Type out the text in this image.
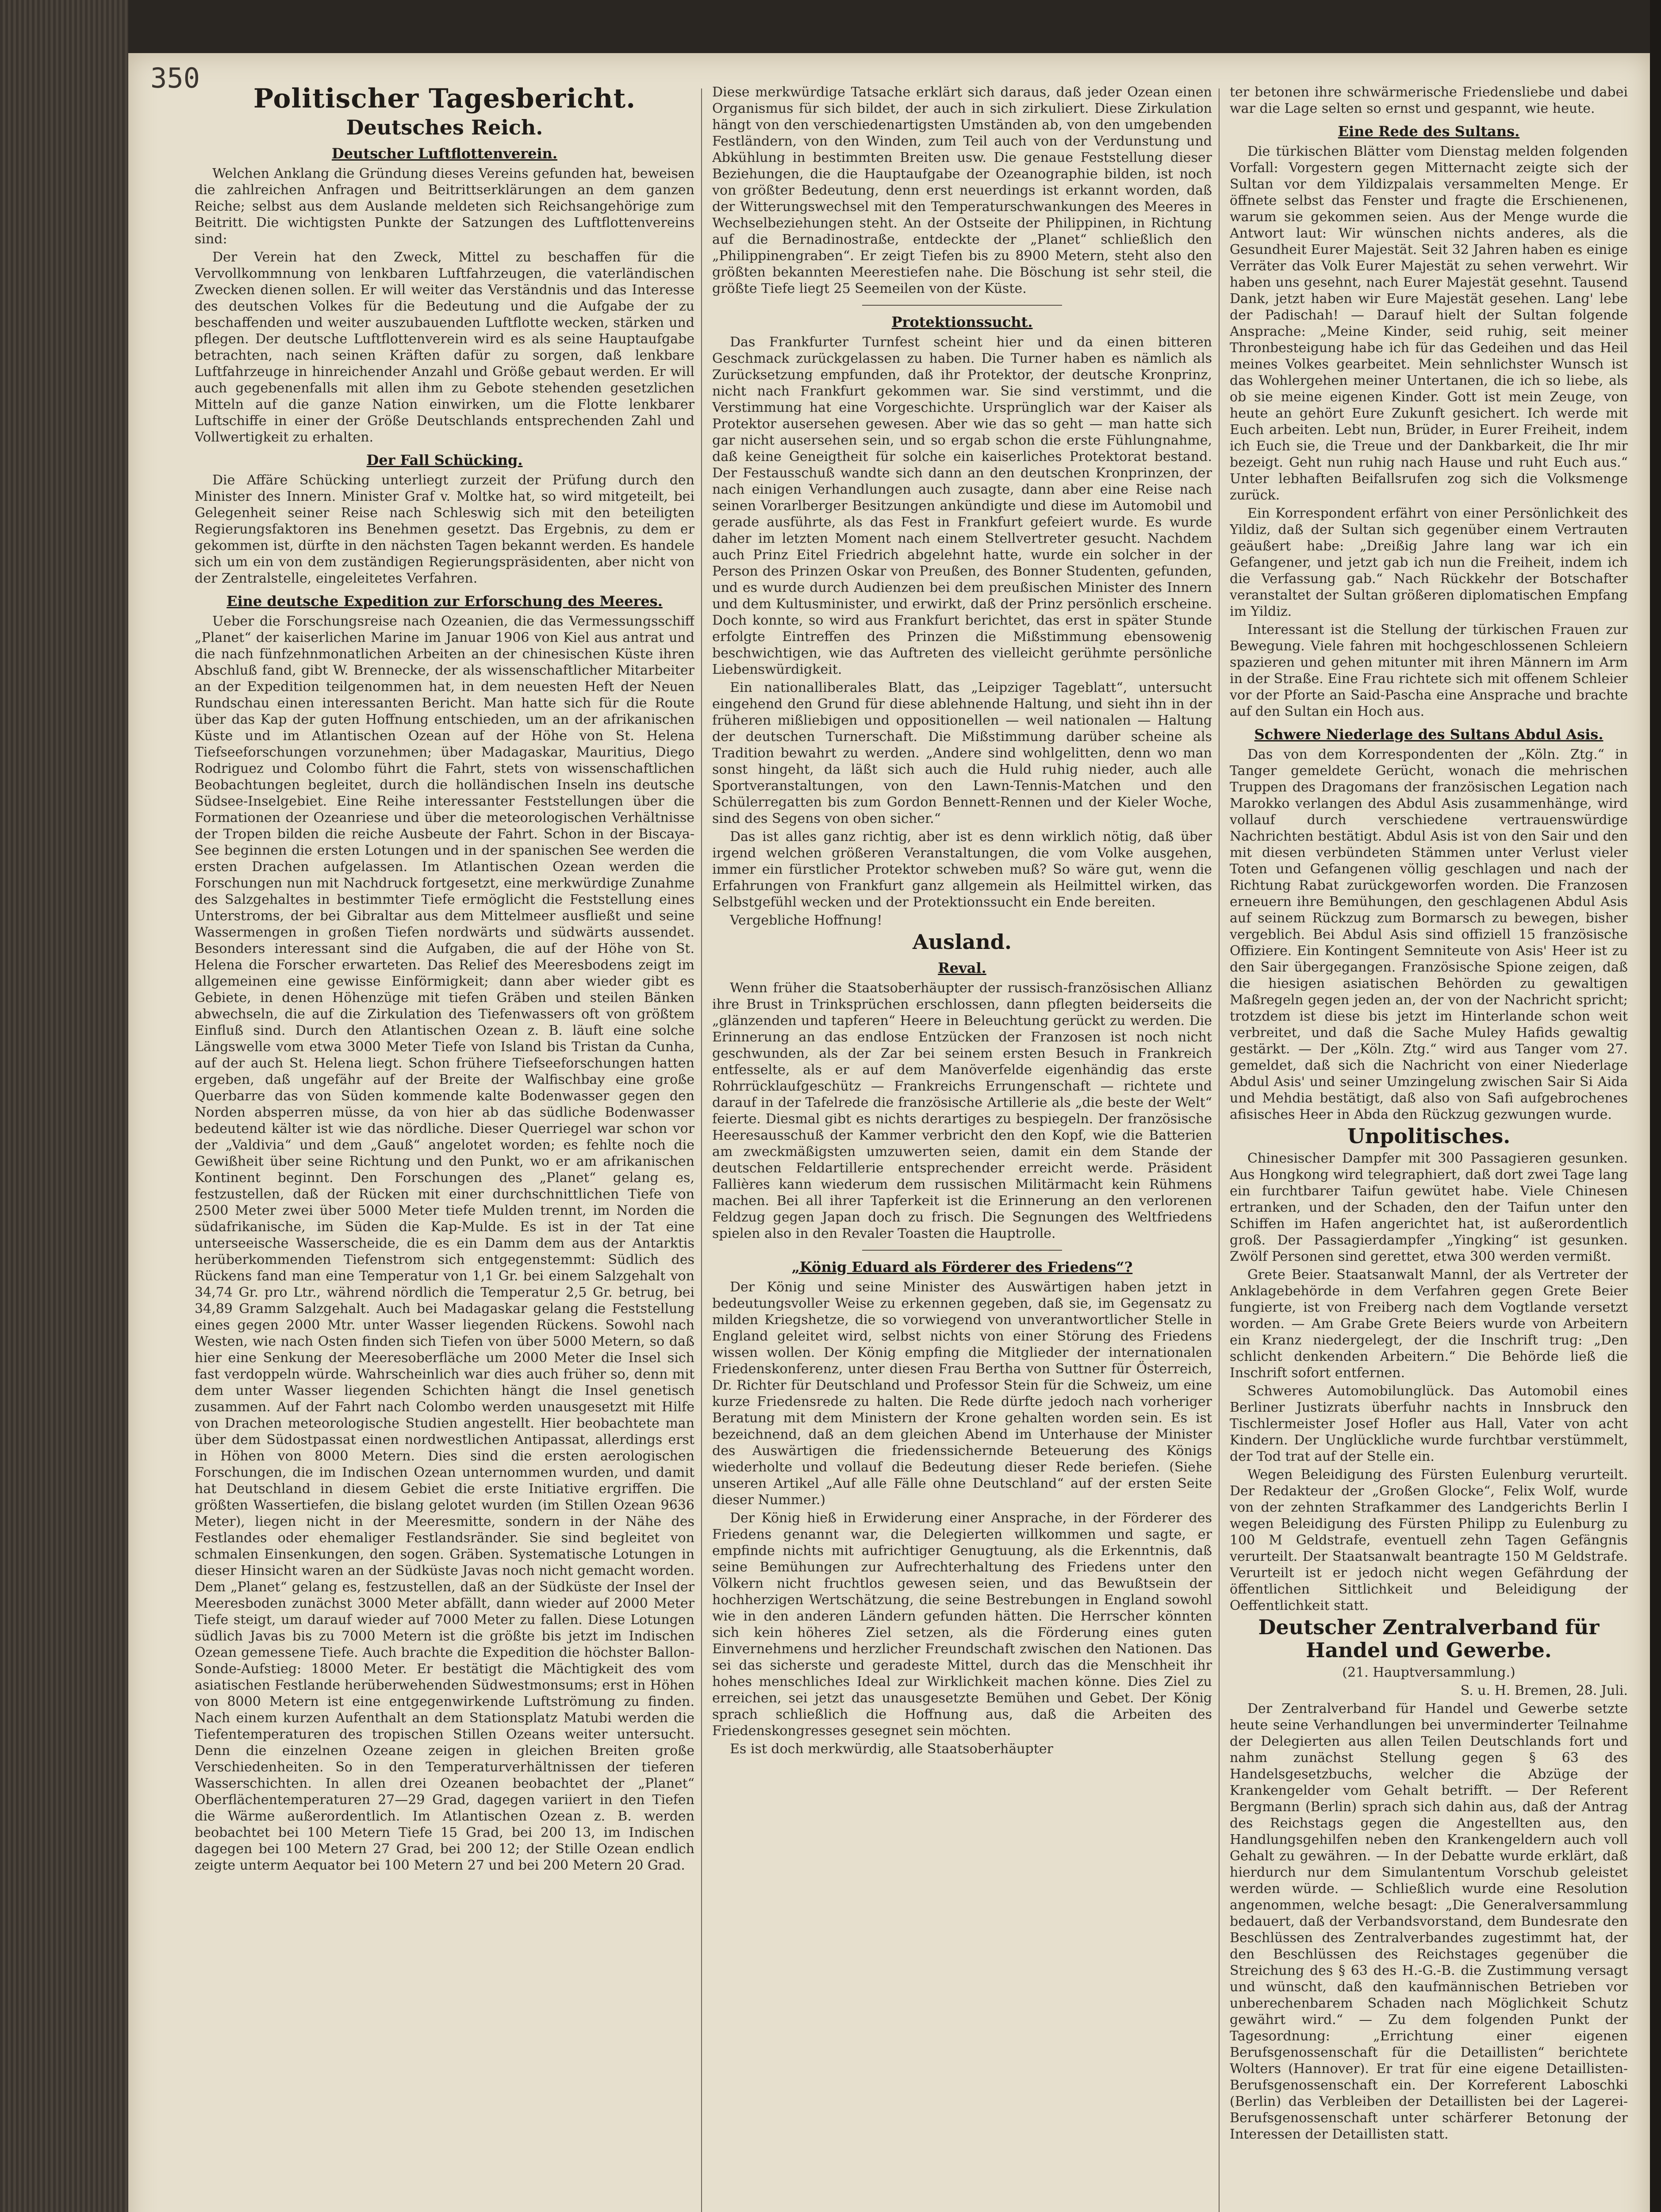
350
Politischer Tagesbericht.
Deutsches Reich.
Deutscher Luftflottenverein.

Welchen Anklang die Gründung dieses Vereins gefunden hat, beweisen die zahlreichen Anfragen und Beitrittserklärungen an dem ganzen Reiche; selbst aus dem Auslande meldeten sich Reichsangehörige zum Beitritt. Die wichtigsten Punkte der Satzungen des Luftflottenvereins sind:

Der Verein hat den Zweck, Mittel zu beschaffen für die Vervollkommnung von lenkbaren Luftfahrzeugen, die vaterländischen Zwecken dienen sollen. Er will weiter das Verständnis und das Interesse des deutschen Volkes für die Bedeutung und die Aufgabe der zu beschaffenden und weiter auszubauenden Luftflotte wecken, stärken und pflegen. Der deutsche Luftflottenverein wird es als seine Hauptaufgabe betrachten, nach seinen Kräften dafür zu sorgen, daß lenkbare Luftfahrzeuge in hinreichender Anzahl und Größe gebaut werden. Er will auch gegebenenfalls mit allen ihm zu Gebote stehenden gesetzlichen Mitteln auf die ganze Nation einwirken, um die Flotte lenkbarer Luftschiffe in einer der Größe Deutschlands entsprechenden Zahl und Vollwertigkeit zu erhalten.

Der Fall Schücking.

Die Affäre Schücking unterliegt zurzeit der Prüfung durch den Minister des Innern. Minister Graf v. Moltke hat, so wird mitgeteilt, bei Gelegenheit seiner Reise nach Schleswig sich mit den beteiligten Regierungsfaktoren ins Benehmen gesetzt. Das Ergebnis, zu dem er gekommen ist, dürfte in den nächsten Tagen bekannt werden. Es handele sich um ein von dem zuständigen Regierungspräsidenten, aber nicht von der Zentralstelle, eingeleitetes Verfahren.

Eine deutsche Expedition zur Erforschung des Meeres.

Ueber die Forschungsreise nach Ozeanien, die das Vermessungsschiff „Planet“ der kaiserlichen Marine im Januar 1906 von Kiel aus antrat und die nach fünfzehnmonatlichen Arbeiten an der chinesischen Küste ihren Abschluß fand, gibt W. Brennecke, der als wissenschaftlicher Mitarbeiter an der Expedition teilgenommen hat, in dem neuesten Heft der Neuen Rundschau einen interessanten Bericht. Man hatte sich für die Route über das Kap der guten Hoffnung entschieden, um an der afrikanischen Küste und im Atlantischen Ozean auf der Höhe von St. Helena Tiefseeforschungen vorzunehmen; über Madagaskar, Mauritius, Diego Rodriguez und Colombo führt die Fahrt, stets von wissenschaftlichen Beobachtungen begleitet, durch die holländischen Inseln ins deutsche Südsee-Inselgebiet. Eine Reihe interessanter Feststellungen über die Formationen der Ozeanriese und über die meteorologischen Verhältnisse der Tropen bilden die reiche Ausbeute der Fahrt. Schon in der Biscaya-See beginnen die ersten Lotungen und in der spanischen See werden die ersten Drachen aufgelassen. Im Atlantischen Ozean werden die Forschungen nun mit Nachdruck fortgesetzt, eine merkwürdige Zunahme des Salzgehaltes in bestimmter Tiefe ermöglicht die Feststellung eines Unterstroms, der bei Gibraltar aus dem Mittelmeer ausfließt und seine Wassermengen in großen Tiefen nordwärts und südwärts aussendet. Besonders interessant sind die Aufgaben, die auf der Höhe von St. Helena die Forscher erwarteten. Das Relief des Meeresbodens zeigt im allgemeinen eine gewisse Einförmigkeit; dann aber wieder gibt es Gebiete, in denen Höhenzüge mit tiefen Gräben und steilen Bänken abwechseln, die auf die Zirkulation des Tiefenwassers oft von größtem Einfluß sind. Durch den Atlantischen Ozean z. B. läuft eine solche Längswelle vom etwa 3000 Meter Tiefe von Island bis Tristan da Cunha, auf der auch St. Helena liegt. Schon frühere Tiefseeforschungen hatten ergeben, daß ungefähr auf der Breite der Walfischbay eine große Querbarre das von Süden kommende kalte Bodenwasser gegen den Norden absperren müsse, da von hier ab das südliche Bodenwasser bedeutend kälter ist wie das nördliche. Dieser Querriegel war schon vor der „Valdivia“ und dem „Gauß“ angelotet worden; es fehlte noch die Gewißheit über seine Richtung und den Punkt, wo er am afrikanischen Kontinent beginnt. Den Forschungen des „Planet“ gelang es, festzustellen, daß der Rücken mit einer durchschnittlichen Tiefe von 2500 Meter zwei über 5000 Meter tiefe Mulden trennt, im Norden die südafrikanische, im Süden die Kap-Mulde. Es ist in der Tat eine unterseeische Wasserscheide, die es ein Damm dem aus der Antarktis herüberkommenden Tiefenstrom sich entgegenstemmt: Südlich des Rückens fand man eine Temperatur von 1,1 Gr. bei einem Salzgehalt von 34,74 Gr. pro Ltr., während nördlich die Temperatur 2,5 Gr. betrug, bei 34,89 Gramm Salzgehalt. Auch bei Madagaskar gelang die Feststellung eines gegen 2000 Mtr. unter Wasser liegenden Rückens. Sowohl nach Westen, wie nach Osten finden sich Tiefen von über 5000 Metern, so daß hier eine Senkung der Meeresoberfläche um 2000 Meter die Insel sich fast verdoppeln würde. Wahrscheinlich war dies auch früher so, denn mit dem unter Wasser liegenden Schichten hängt die Insel genetisch zusammen. Auf der Fahrt nach Colombo werden unausgesetzt mit Hilfe von Drachen meteorologische Studien angestellt. Hier beobachtete man über dem Südostpassat einen nordwestlichen Antipassat, allerdings erst in Höhen von 8000 Metern. Dies sind die ersten aerologischen Forschungen, die im Indischen Ozean unternommen wurden, und damit hat Deutschland in diesem Gebiet die erste Initiative ergriffen. Die größten Wassertiefen, die bislang gelotet wurden (im Stillen Ozean 9636 Meter), liegen nicht in der Meeresmitte, sondern in der Nähe des Festlandes oder ehemaliger Festlandsränder. Sie sind begleitet von schmalen Einsenkungen, den sogen. Gräben. Systematische Lotungen in dieser Hinsicht waren an der Südküste Javas noch nicht gemacht worden. Dem „Planet“ gelang es, festzustellen, daß an der Südküste der Insel der Meeresboden zunächst 3000 Meter abfällt, dann wieder auf 2000 Meter Tiefe steigt, um darauf wieder auf 7000 Meter zu fallen. Diese Lotungen südlich Javas bis zu 7000 Metern ist die größte bis jetzt im Indischen Ozean gemessene Tiefe. Auch brachte die Expedition die höchster Ballon-Sonde-Aufstieg: 18000 Meter. Er bestätigt die Mächtigkeit des vom asiatischen Festlande herüberwehenden Südwestmonsums; erst in Höhen von 8000 Metern ist eine entgegenwirkende Luftströmung zu finden. Nach einem kurzen Aufenthalt an dem Stationsplatz Matubi werden die Tiefentemperaturen des tropischen Stillen Ozeans weiter untersucht. Denn die einzelnen Ozeane zeigen in gleichen Breiten große Verschiedenheiten. So in den Temperaturverhältnissen der tieferen Wasserschichten. In allen drei Ozeanen beobachtet der „Planet“ Oberflächentemperaturen 27—29 Grad, dagegen variiert in den Tiefen die Wärme außerordentlich. Im Atlantischen Ozean z. B. werden beobachtet bei 100 Metern Tiefe 15 Grad, bei 200 13, im Indischen dagegen bei 100 Metern 27 Grad, bei 200 12; der Stille Ozean endlich zeigte unterm Aequator bei 100 Metern 27 und bei 200 Metern 20 Grad.

Diese merkwürdige Tatsache erklärt sich daraus, daß jeder Ozean einen Organismus für sich bildet, der auch in sich zirkuliert. Diese Zirkulation hängt von den verschiedenartigsten Umständen ab, von den umgebenden Festländern, von den Winden, zum Teil auch von der Verdunstung und Abkühlung in bestimmten Breiten usw. Die genaue Feststellung dieser Beziehungen, die die Hauptaufgabe der Ozeanographie bilden, ist noch von größter Bedeutung, denn erst neuerdings ist erkannt worden, daß der Witterungswechsel mit den Temperaturschwankungen des Meeres in Wechselbeziehungen steht. An der Ostseite der Philippinen, in Richtung auf die Bernadinostraße, entdeckte der „Planet“ schließlich den „Philippinengraben“. Er zeigt Tiefen bis zu 8900 Metern, steht also den größten bekannten Meerestiefen nahe. Die Böschung ist sehr steil, die größte Tiefe liegt 25 Seemeilen von der Küste.

Protektionssucht.

Das Frankfurter Turnfest scheint hier und da einen bitteren Geschmack zurückgelassen zu haben. Die Turner haben es nämlich als Zurücksetzung empfunden, daß ihr Protektor, der deutsche Kronprinz, nicht nach Frankfurt gekommen war. Sie sind verstimmt, und die Verstimmung hat eine Vorgeschichte. Ursprünglich war der Kaiser als Protektor ausersehen gewesen. Aber wie das so geht — man hatte sich gar nicht ausersehen sein, und so ergab schon die erste Fühlungnahme, daß keine Geneigtheit für solche ein kaiserliches Protektorat bestand. Der Festausschuß wandte sich dann an den deutschen Kronprinzen, der nach einigen Verhandlungen auch zusagte, dann aber eine Reise nach seinen Vorarlberger Besitzungen ankündigte und diese im Automobil und gerade ausführte, als das Fest in Frankfurt gefeiert wurde. Es wurde daher im letzten Moment nach einem Stellvertreter gesucht. Nachdem auch Prinz Eitel Friedrich abgelehnt hatte, wurde ein solcher in der Person des Prinzen Oskar von Preußen, des Bonner Studenten, gefunden, und es wurde durch Audienzen bei dem preußischen Minister des Innern und dem Kultusminister, und erwirkt, daß der Prinz persönlich erscheine. Doch konnte, so wird aus Frankfurt berichtet, das erst in später Stunde erfolgte Eintreffen des Prinzen die Mißstimmung ebensowenig beschwichtigen, wie das Auftreten des vielleicht gerühmte persönliche Liebenswürdigkeit.

Ein nationalliberales Blatt, das „Leipziger Tageblatt“, untersucht eingehend den Grund für diese ablehnende Haltung, und sieht ihn in der früheren mißliebigen und oppositionellen — weil nationalen — Haltung der deutschen Turnerschaft. Die Mißstimmung darüber scheine als Tradition bewahrt zu werden. „Andere sind wohlgelitten, denn wo man sonst hingeht, da läßt sich auch die Huld ruhig nieder, auch alle Sportveranstaltungen, von den Lawn-Tennis-Matchen und den Schülerregatten bis zum Gordon Bennett-Rennen und der Kieler Woche, sind des Segens von oben sicher.“

Das ist alles ganz richtig, aber ist es denn wirklich nötig, daß über irgend welchen größeren Veranstaltungen, die vom Volke ausgehen, immer ein fürstlicher Protektor schweben muß? So wäre gut, wenn die Erfahrungen von Frankfurt ganz allgemein als Heilmittel wirken, das Selbstgefühl wecken und der Protektionssucht ein Ende bereiten.

Vergebliche Hoffnung!

Ausland.
Reval.

Wenn früher die Staatsoberhäupter der russisch-französischen Allianz ihre Brust in Trinksprüchen erschlossen, dann pflegten beiderseits die „glänzenden und tapferen“ Heere in Beleuchtung gerückt zu werden. Die Erinnerung an das endlose Entzücken der Franzosen ist noch nicht geschwunden, als der Zar bei seinem ersten Besuch in Frankreich entfesselte, als er auf dem Manöverfelde eigenhändig das erste Rohrrücklaufgeschütz — Frankreichs Errungenschaft — richtete und darauf in der Tafelrede die französische Artillerie als „die beste der Welt“ feierte. Diesmal gibt es nichts derartiges zu bespiegeln. Der französische Heeresausschuß der Kammer verbricht den den Kopf, wie die Batterien am zweckmäßigsten umzuwerten seien, damit ein dem Stande der deutschen Feldartillerie entsprechender erreicht werde. Präsident Fallières kann wiederum dem russischen Militärmacht kein Rühmens machen. Bei all ihrer Tapferkeit ist die Erinnerung an den verlorenen Feldzug gegen Japan doch zu frisch. Die Segnungen des Weltfriedens spielen also in den Revaler Toasten die Hauptrolle.

„König Eduard als Förderer des Friedens“?

Der König und seine Minister des Auswärtigen haben jetzt in bedeutungsvoller Weise zu erkennen gegeben, daß sie, im Gegensatz zu milden Kriegshetze, die so vorwiegend von unverantwortlicher Stelle in England geleitet wird, selbst nichts von einer Störung des Friedens wissen wollen. Der König empfing die Mitglieder der internationalen Friedenskonferenz, unter diesen Frau Bertha von Suttner für Österreich, Dr. Richter für Deutschland und Professor Stein für die Schweiz, um eine kurze Friedensrede zu halten. Die Rede dürfte jedoch nach vorheriger Beratung mit dem Ministern der Krone gehalten worden sein. Es ist bezeichnend, daß an dem gleichen Abend im Unterhause der Minister des Auswärtigen die friedenssichernde Beteuerung des Königs wiederholte und vollauf die Bedeutung dieser Rede beriefen. (Siehe unseren Artikel „Auf alle Fälle ohne Deutschland“ auf der ersten Seite dieser Nummer.)

Der König hieß in Erwiderung einer Ansprache, in der Förderer des Friedens genannt war, die Delegierten willkommen und sagte, er empfinde nichts mit aufrichtiger Genugtuung, als die Erkenntnis, daß seine Bemühungen zur Aufrechterhaltung des Friedens unter den Völkern nicht fruchtlos gewesen seien, und das Bewußtsein der hochherzigen Wertschätzung, die seine Bestrebungen in England sowohl wie in den anderen Ländern gefunden hätten. Die Herrscher könnten sich kein höheres Ziel setzen, als die Förderung eines guten Einvernehmens und herzlicher Freundschaft zwischen den Nationen. Das sei das sicherste und geradeste Mittel, durch das die Menschheit ihr hohes menschliches Ideal zur Wirklichkeit machen könne. Dies Ziel zu erreichen, sei jetzt das unausgesetzte Bemühen und Gebet. Der König sprach schließlich die Hoffnung aus, daß die Arbeiten des Friedenskongresses gesegnet sein möchten.

Es ist doch merkwürdig, alle Staatsoberhäupter

ter betonen ihre schwärmerische Friedensliebe und dabei war die Lage selten so ernst und gespannt, wie heute.

Eine Rede des Sultans.

Die türkischen Blätter vom Dienstag melden folgenden Vorfall: Vorgestern gegen Mitternacht zeigte sich der Sultan vor dem Yildizpalais versammelten Menge. Er öffnete selbst das Fenster und fragte die Erschienenen, warum sie gekommen seien. Aus der Menge wurde die Antwort laut: Wir wünschen nichts anderes, als die Gesundheit Eurer Majestät. Seit 32 Jahren haben es einige Verräter das Volk Eurer Majestät zu sehen verwehrt. Wir haben uns gesehnt, nach Eurer Majestät gesehnt. Tausend Dank, jetzt haben wir Eure Majestät gesehen. Lang' lebe der Padischah! — Darauf hielt der Sultan folgende Ansprache: „Meine Kinder, seid ruhig, seit meiner Thronbesteigung habe ich für das Gedeihen und das Heil meines Volkes gearbeitet. Mein sehnlichster Wunsch ist das Wohlergehen meiner Untertanen, die ich so liebe, als ob sie meine eigenen Kinder. Gott ist mein Zeuge, von heute an gehört Eure Zukunft gesichert. Ich werde mit Euch arbeiten. Lebt nun, Brüder, in Eurer Freiheit, indem ich Euch sie, die Treue und der Dankbarkeit, die Ihr mir bezeigt. Geht nun ruhig nach Hause und ruht Euch aus.“ Unter lebhaften Beifallsrufen zog sich die Volksmenge zurück.

Ein Korrespondent erfährt von einer Persönlichkeit des Yildiz, daß der Sultan sich gegenüber einem Vertrauten geäußert habe: „Dreißig Jahre lang war ich ein Gefangener, und jetzt gab ich nun die Freiheit, indem ich die Verfassung gab.“ Nach Rückkehr der Botschafter veranstaltet der Sultan größeren diplomatischen Empfang im Yildiz.

Interessant ist die Stellung der türkischen Frauen zur Bewegung. Viele fahren mit hochgeschlossenen Schleiern spazieren und gehen mitunter mit ihren Männern im Arm in der Straße. Eine Frau richtete sich mit offenem Schleier vor der Pforte an Said-Pascha eine Ansprache und brachte auf den Sultan ein Hoch aus.

Schwere Niederlage des Sultans Abdul Asis.

Das von dem Korrespondenten der „Köln. Ztg.“ in Tanger gemeldete Gerücht, wonach die mehrischen Truppen des Dragomans der französischen Legation nach Marokko verlangen des Abdul Asis zusammenhänge, wird vollauf durch verschiedene vertrauenswürdige Nachrichten bestätigt. Abdul Asis ist von den Sair und den mit diesen verbündeten Stämmen unter Verlust vieler Toten und Gefangenen völlig geschlagen und nach der Richtung Rabat zurückgeworfen worden. Die Franzosen erneuern ihre Bemühungen, den geschlagenen Abdul Asis auf seinem Rückzug zum Bormarsch zu bewegen, bisher vergeblich. Bei Abdul Asis sind offiziell 15 französische Offiziere. Ein Kontingent Semniteute von Asis' Heer ist zu den Sair übergegangen. Französische Spione zeigen, daß die hiesigen asiatischen Behörden zu gewaltigen Maßregeln gegen jeden an, der von der Nachricht spricht; trotzdem ist diese bis jetzt im Hinterlande schon weit verbreitet, und daß die Sache Muley Hafids gewaltig gestärkt. — Der „Köln. Ztg.“ wird aus Tanger vom 27. gemeldet, daß sich die Nachricht von einer Niederlage Abdul Asis' und seiner Umzingelung zwischen Sair Si Aida und Mehdia bestätigt, daß also von Safi aufgebrochenes afisisches Heer in Abda den Rückzug gezwungen wurde.

Unpolitisches.

Chinesischer Dampfer mit 300 Passagieren gesunken. Aus Hongkong wird telegraphiert, daß dort zwei Tage lang ein furchtbarer Taifun gewütet habe. Viele Chinesen ertranken, und der Schaden, den der Taifun unter den Schiffen im Hafen angerichtet hat, ist außerordentlich groß. Der Passagierdampfer „Yingking“ ist gesunken. Zwölf Personen sind gerettet, etwa 300 werden vermißt.

Grete Beier. Staatsanwalt Mannl, der als Vertreter der Anklagebehörde in dem Verfahren gegen Grete Beier fungierte, ist von Freiberg nach dem Vogtlande versetzt worden. — Am Grabe Grete Beiers wurde von Arbeitern ein Kranz niedergelegt, der die Inschrift trug: „Den schlicht denkenden Arbeitern.“ Die Behörde ließ die Inschrift sofort entfernen.

Schweres Automobilunglück. Das Automobil eines Berliner Justizrats überfuhr nachts in Innsbruck den Tischlermeister Josef Hofler aus Hall, Vater von acht Kindern. Der Unglückliche wurde furchtbar verstümmelt, der Tod trat auf der Stelle ein.

Wegen Beleidigung des Fürsten Eulenburg verurteilt. Der Redakteur der „Großen Glocke“, Felix Wolf, wurde von der zehnten Strafkammer des Landgerichts Berlin I wegen Beleidigung des Fürsten Philipp zu Eulenburg zu 100 M Geldstrafe, eventuell zehn Tagen Gefängnis verurteilt. Der Staatsanwalt beantragte 150 M Geldstrafe. Verurteilt ist er jedoch nicht wegen Gefährdung der öffentlichen Sittlichkeit und Beleidigung der Oeffentlichkeit statt.

Deutscher Zentralverband für Handel und Gewerbe.

(21. Hauptversammlung.)

S. u. H. Bremen, 28. Juli.

Der Zentralverband für Handel und Gewerbe setzte heute seine Verhandlungen bei unverminderter Teilnahme der Delegierten aus allen Teilen Deutschlands fort und nahm zunächst Stellung gegen § 63 des Handelsgesetzbuchs, welcher die Abzüge der Krankengelder vom Gehalt betrifft. — Der Referent Bergmann (Berlin) sprach sich dahin aus, daß der Antrag des Reichstags gegen die Angestellten aus, den Handlungsgehilfen neben den Krankengeldern auch voll Gehalt zu gewähren. — In der Debatte wurde erklärt, daß hierdurch nur dem Simulantentum Vorschub geleistet werden würde. — Schließlich wurde eine Resolution angenommen, welche besagt: „Die Generalversammlung bedauert, daß der Verbandsvorstand, dem Bundesrate den Beschlüssen des Zentralverbandes zugestimmt hat, der den Beschlüssen des Reichstages gegenüber die Streichung des § 63 des H.-G.-B. die Zustimmung versagt und wünscht, daß den kaufmännischen Betrieben vor unberechenbarem Schaden nach Möglichkeit Schutz gewährt wird.“ — Zu dem folgenden Punkt der Tagesordnung: „Errichtung einer eigenen Berufsgenossenschaft für die Detaillisten“ berichtete Wolters (Hannover). Er trat für eine eigene Detaillisten-Berufsgenossenschaft ein. Der Korreferent Laboschki (Berlin) das Verbleiben der Detaillisten bei der Lagerei-Berufsgenossenschaft unter schärferer Betonung der Interessen der Detaillisten statt.
